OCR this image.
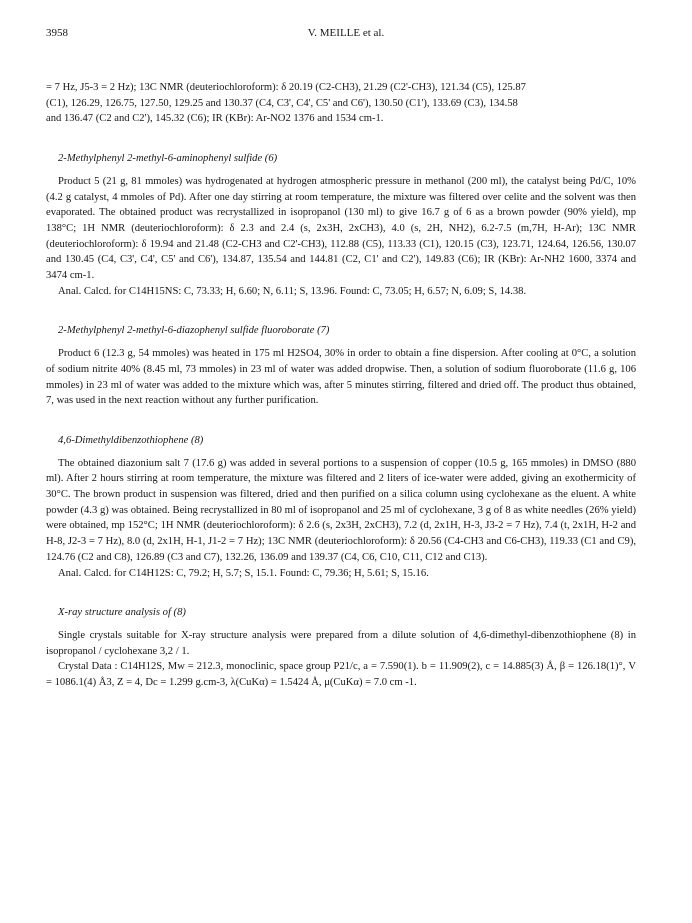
3958	V. MEILLE et al.

= 7 Hz, J5-3 = 2 Hz); 13C NMR (deuteriochloroform): δ 20.19 (C2-CH3), 21.29 (C2'-CH3), 121.34 (C5), 125.87

(C1), 126.29, 126.75, 127.50, 129.25 and 130.37 (C4, C3', C4', C5' and C6'), 130.50 (C1'), 133.69 (C3), 134.58

and 136.47 (C2 and C2'), 145.32 (C6); IR (KBr): Ar-NO2 1376 and 1534 cm-1.

2-Methylphenyl 2-methyl-6-aminophenyl sulfide (6)

Product 5 (21 g, 81 mmoles) was hydrogenated at hydrogen atmospheric pressure in methanol (200 ml), the catalyst being Pd/C, 10% (4.2 g catalyst, 4 mmoles of Pd). After one day stirring at room temperature, the mixture was filtered over celite and the solvent was then evaporated. The obtained product was recrystallized in isopropanol (130 ml) to give 16.7 g of 6 as a brown powder (90% yield), mp 138°C; 1H NMR (deuteriochloroform): δ 2.3 and 2.4 (s, 2x3H, 2xCH3), 4.0 (s, 2H, NH2), 6.2-7.5 (m,7H, H-Ar); 13C NMR (deuteriochloroform): δ 19.94 and 21.48 (C2-CH3 and C2'-CH3), 112.88 (C5), 113.33 (C1), 120.15 (C3), 123.71, 124.64, 126.56, 130.07 and 130.45 (C4, C3', C4', C5' and C6'), 134.87, 135.54 and 144.81 (C2, C1' and C2'), 149.83 (C6); IR (KBr): Ar-NH2 1600, 3374 and 3474 cm-1.

Anal. Calcd. for C14H15NS: C, 73.33; H, 6.60; N, 6.11; S, 13.96. Found: C, 73.05; H, 6.57; N, 6.09; S, 14.38.

2-Methylphenyl 2-methyl-6-diazophenyl sulfide fluoroborate (7)

Product 6 (12.3 g, 54 mmoles) was heated in 175 ml H2SO4, 30% in order to obtain a fine dispersion. After cooling at 0°C, a solution of sodium nitrite 40% (8.45 ml, 73 mmoles) in 23 ml of water was added dropwise. Then, a solution of sodium fluoroborate (11.6 g, 106 mmoles) in 23 ml of water was added to the mixture which was, after 5 minutes stirring, filtered and dried off. The product thus obtained, 7, was used in the next reaction without any further purification.

4,6-Dimethyldibenzothiophene (8)

The obtained diazonium salt 7 (17.6 g) was added in several portions to a suspension of copper (10.5 g, 165 mmoles) in DMSO (880 ml). After 2 hours stirring at room temperature, the mixture was filtered and 2 liters of ice-water were added, giving an exothermicity of 30°C. The brown product in suspension was filtered, dried and then purified on a silica column using cyclohexane as the eluent. A white powder (4.3 g) was obtained. Being recrystallized in 80 ml of isopropanol and 25 ml of cyclohexane, 3 g of 8 as white needles (26% yield) were obtained, mp 152°C; 1H NMR (deuteriochloroform): δ 2.6 (s, 2x3H, 2xCH3), 7.2 (d, 2x1H, H-3, J3-2 = 7 Hz), 7.4 (t, 2x1H, H-2 and H-8, J2-3 = 7 Hz), 8.0 (d, 2x1H, H-1, J1-2 = 7 Hz); 13C NMR (deuteriochloroform): δ 20.56 (C4-CH3 and C6-CH3), 119.33 (C1 and C9), 124.76 (C2 and C8), 126.89 (C3 and C7), 132.26, 136.09 and 139.37 (C4, C6, C10, C11, C12 and C13).

Anal. Calcd. for C14H12S: C, 79.2; H, 5.7; S, 15.1. Found: C, 79.36; H, 5.61; S, 15.16.

X-ray structure analysis of (8)

Single crystals suitable for X-ray structure analysis were prepared from a dilute solution of 4,6-dimethyl-dibenzothiophene (8) in isopropanol / cyclohexane 3,2 / 1.

Crystal Data : C14H12S, Mw = 212.3, monoclinic, space group P21/c, a = 7.590(1). b = 11.909(2), c = 14.885(3) Å, β = 126.18(1)°, V = 1086.1(4) Å3, Z = 4, Dc = 1.299 g.cm-3, λ(CuKα) = 1.5424 Å, μ(CuKα) = 7.0 cm -1.
